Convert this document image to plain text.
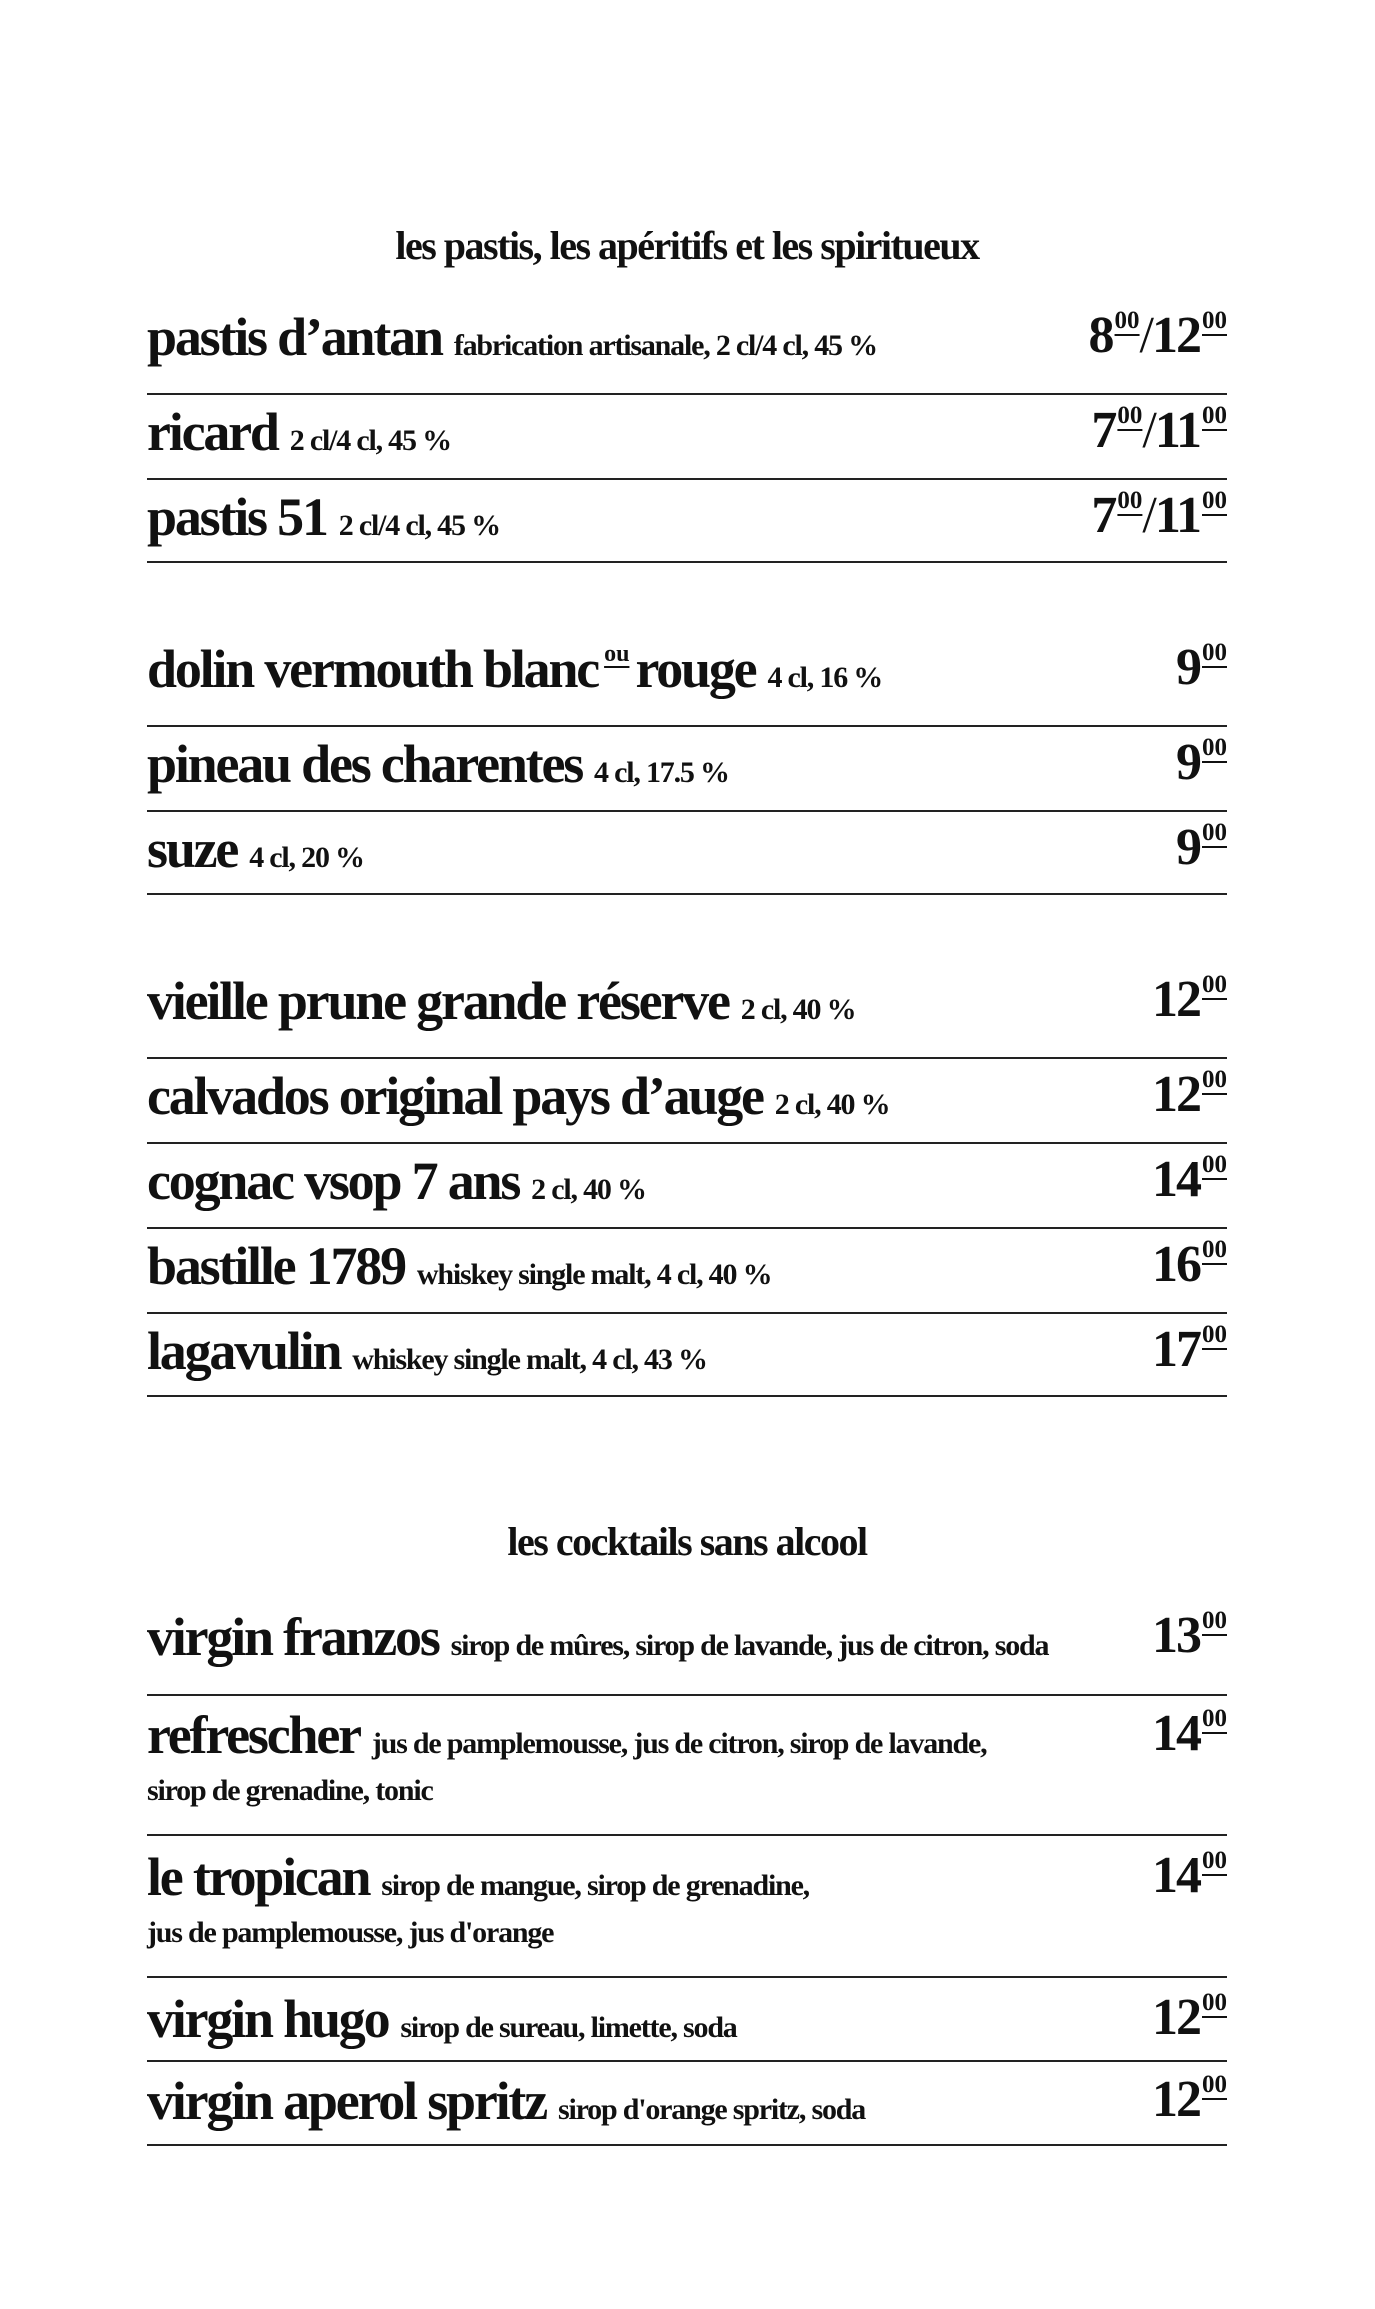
les pastis, les apéritifs et les spiritueux
pastis d’antan fabrication artisanale, 2 cl/4 cl, 45 %	$8^{00}/12^{00}$
ricard 2 cl/4 cl, 45 %	$7^{00}/11^{00}$
pastis 51 2 cl/4 cl, 45 %	$7^{00}/11^{00}$
dolin vermouth blanc $^{ou}$ rouge 4 cl, 16 %	$9^{00}$
pineau des charentes 4 cl, 17.5 %	$9^{00}$
suze 4 cl, 20 %	$9^{00}$
vieille prune grande réserve 2 cl, 40 %	$12^{00}$
calvados original pays d’auge 2 cl, 40 %	$12^{00}$
cognac vsop 7 ans 2 cl, 40 %	$14^{00}$
bastille 1789 whiskey single malt, 4 cl, 40 %	$16^{00}$
lagavulin whiskey single malt, 4 cl, 43 %	$17^{00}$
les cocktails sans alcool
virgin franzos sirop de mûres, sirop de lavande, jus de citron, soda $13^{00}$
refrescher jus de pamplemousse, jus de citron, sirop de lavande,
sirop de grenadine, tonic
$14^{00}$
le tropican sirop de mangue, sirop de grenadine,
jus de pamplemousse, jus d'orange
$14^{00}$
virgin hugo sirop de sureau, limette, soda	$12^{00}$
virgin aperol spritz sirop d'orange spritz, soda	$12^{00}$
